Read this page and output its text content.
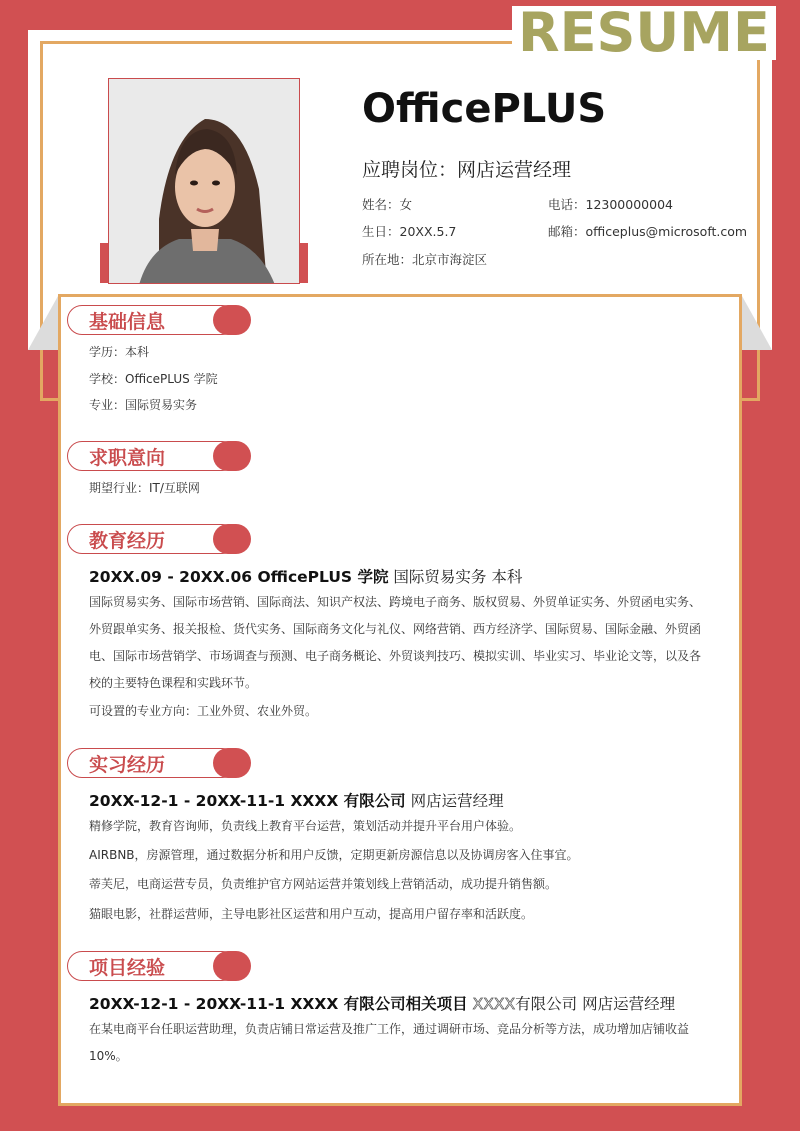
RESUME
OfficePLUS
应聘岗位：网店运营经理
姓名：女
生日：20XX.5.7
所在地：北京市海淀区
电话：12300000004
邮箱：officeplus@microsoft.com
基础信息
学历：本科
学校：OfficePLUS 学院
专业：国际贸易实务
求职意向
期望行业：IT/互联网
教育经历
20XX.09 - 20XX.06 OfficePLUS 学院 国际贸易实务 本科
国际贸易实务、国际市场营销、国际商法、知识产权法、跨境电子商务、版权贸易、外贸单证实务、外贸函电实务、外贸跟单实务、报关报检、货代实务、国际商务文化与礼仪、网络营销、西方经济学、国际贸易、国际金融、外贸函电、国际市场营销学、市场调查与预测、电子商务概论、外贸谈判技巧、模拟实训、毕业实习、毕业论文等，以及各校的主要特色课程和实践环节。
可设置的专业方向：工业外贸、农业外贸。
实习经历
20XX-12-1 - 20XX-11-1 XXXX 有限公司 网店运营经理
精修学院，教育咨询师，负责线上教育平台运营，策划活动并提升平台用户体验。
AIRBNB，房源管理，通过数据分析和用户反馈，定期更新房源信息以及协调房客入住事宜。
蒂芙尼，电商运营专员，负责维护官方网站运营并策划线上营销活动，成功提升销售额。
猫眼电影，社群运营师，主导电影社区运营和用户互动，提高用户留存率和活跃度。
项目经验
20XX-12-1 - 20XX-11-1 XXXX 有限公司相关项目 XXXX有限公司 网店运营经理
在某电商平台任职运营助理，负责店铺日常运营及推广工作，通过调研市场、竞品分析等方法，成功增加店铺收益10%。
